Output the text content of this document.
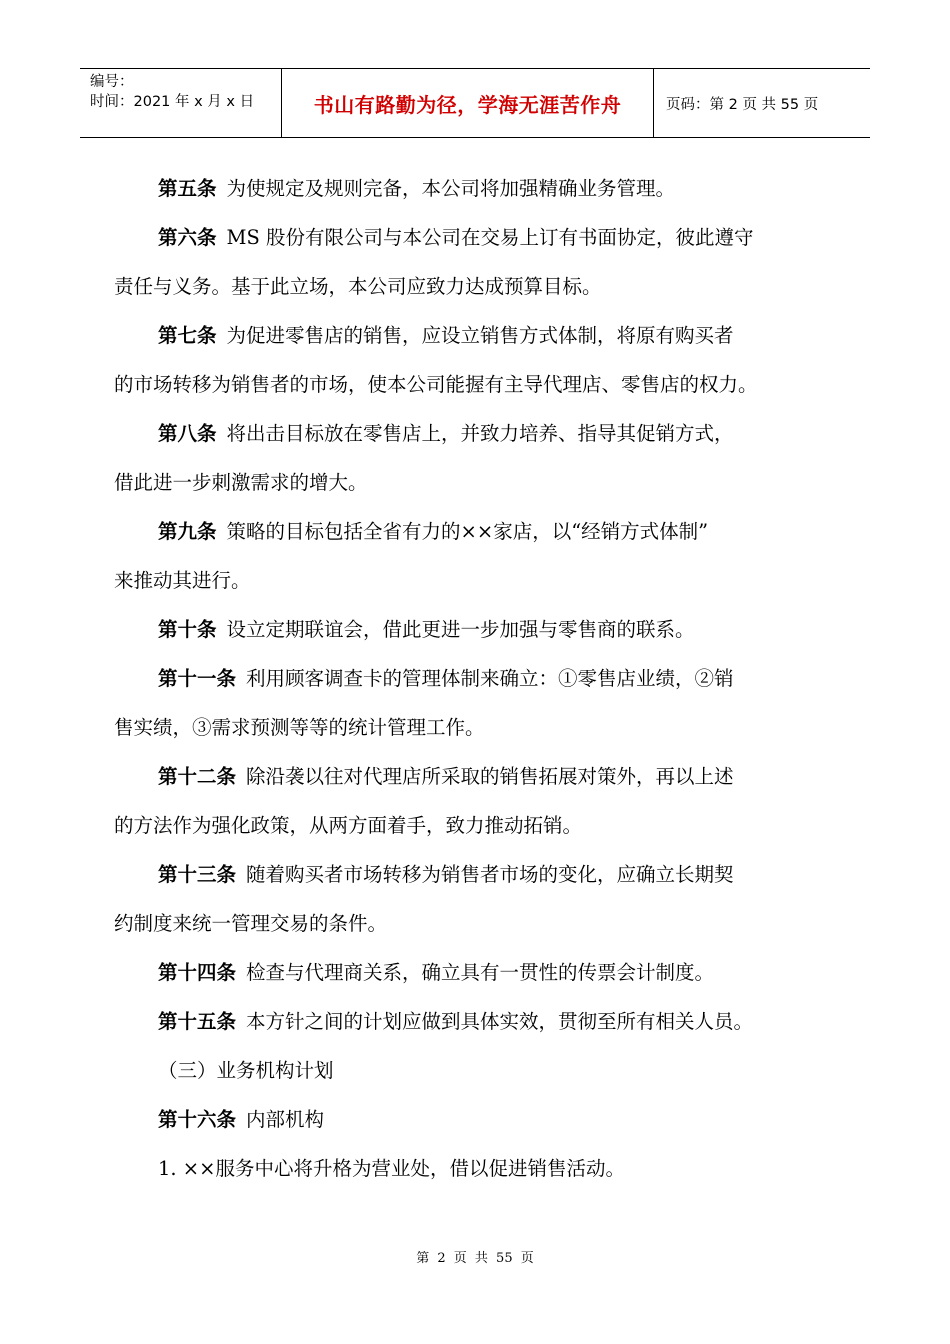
编号：
时间：2021 年 x 月 x 日	书山有路勤为径，学海无涯苦作舟	页码：第 2 页 共 55 页

第五条 为使规定及规则完备，本公司将加强精确业务管理。

第六条 MS 股份有限公司与本公司在交易上订有书面协定，彼此遵守

责任与义务。基于此立场，本公司应致力达成预算目标。

第七条 为促进零售店的销售，应设立销售方式体制，将原有购买者

的市场转移为销售者的市场，使本公司能握有主导代理店、零售店的权力。

第八条 将出击目标放在零售店上，并致力培养、指导其促销方式，

借此进一步刺激需求的增大。

第九条 策略的目标包括全省有力的××家店，以“经销方式体制”

来推动其进行。

第十条 设立定期联谊会，借此更进一步加强与零售商的联系。

第十一条 利用顾客调查卡的管理体制来确立：①零售店业绩，②销

售实绩，③需求预测等等的统计管理工作。

第十二条 除沿袭以往对代理店所采取的销售拓展对策外，再以上述

的方法作为强化政策，从两方面着手，致力推动拓销。

第十三条 随着购买者市场转移为销售者市场的变化，应确立长期契

约制度来统一管理交易的条件。

第十四条 检查与代理商关系，确立具有一贯性的传票会计制度。

第十五条 本方针之间的计划应做到具体实效，贯彻至所有相关人员。

（三）业务机构计划

第十六条 内部机构

1. ××服务中心将升格为营业处，借以促进销售活动。

第 2 页 共 55 页
